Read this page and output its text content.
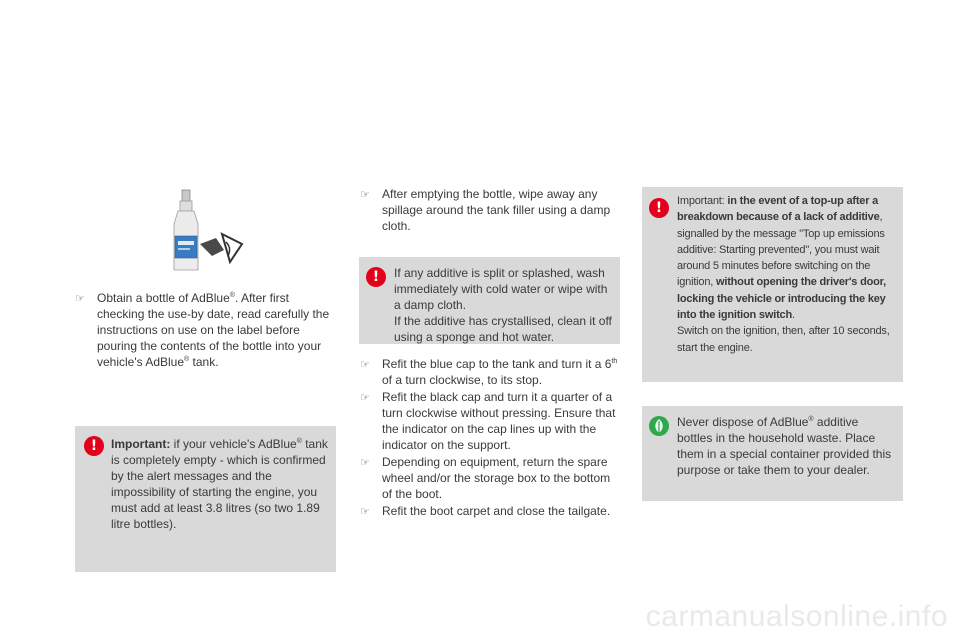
☞ Obtain a bottle of AdBlue®. After first checking the use-by date, read carefully the instructions on use on the label before pouring the contents of the bottle into your vehicle's AdBlue® tank.
!	Important: if your vehicle's AdBlue® tank is completely empty - which is confirmed by the alert messages and the impossibility of starting the engine, you must add at least 3.8 litres (so two 1.89 litre bottles).
☞ After emptying the bottle, wipe away any spillage around the tank filler using a damp cloth.
!	If any additive is split or splashed, wash immediately with cold water or wipe with a damp cloth.
If the additive has crystallised, clean it off using a sponge and hot water.
☞ Refit the blue cap to the tank and turn it a 6th of a turn clockwise, to its stop.
☞ Refit the black cap and turn it a quarter of a turn clockwise without pressing. Ensure that the indicator on the cap lines up with the indicator on the support.
☞ Depending on equipment, return the spare wheel and/or the storage box to the bottom of the boot.
☞ Refit the boot carpet and close the tailgate.
!	Important: in the event of a top-up after a breakdown because of a lack of additive, signalled by the message "Top up emissions additive: Starting prevented", you must wait around 5 minutes before switching on the ignition, without opening the driver's door, locking the vehicle or introducing the key into the ignition switch.
Switch on the ignition, then, after 10 seconds, start the engine.
Never dispose of AdBlue® additive bottles in the household waste. Place them in a special container provided this purpose or take them to your dealer.
carmanualsonline.info
